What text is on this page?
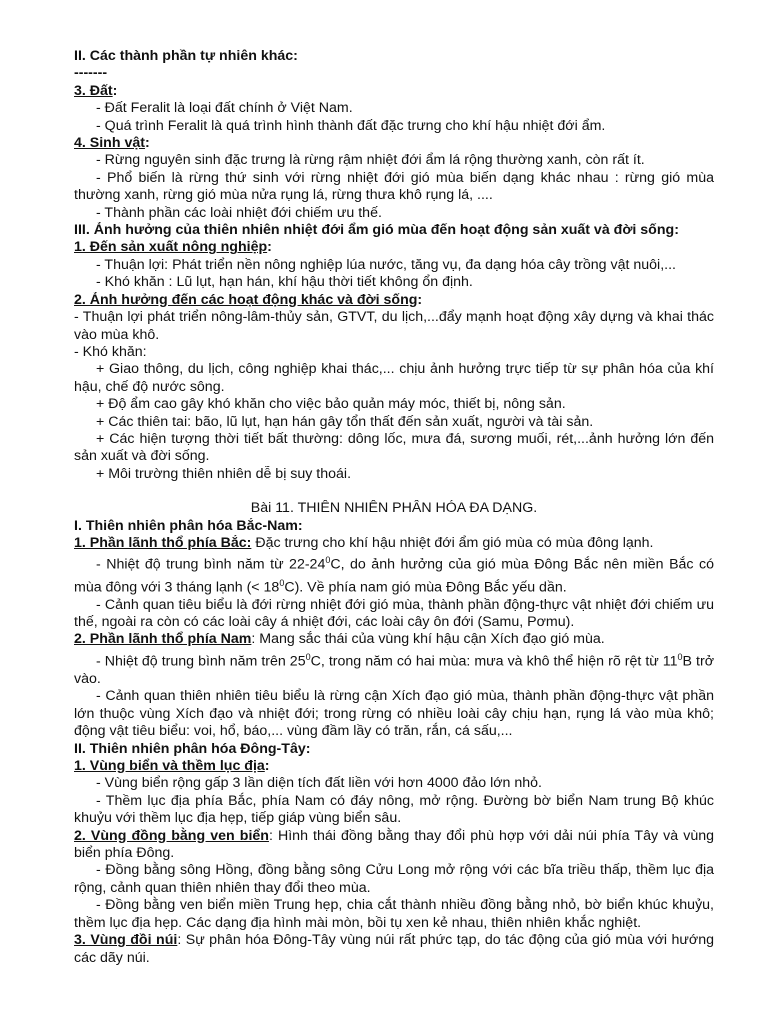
II. Các thành phần tự nhiên khác:
-------
3. Đất:
- Đất Feralit là loại đất chính ở Việt Nam.
- Quá trình Feralit là quá trình hình thành đất đặc trưng cho khí hậu nhiệt đới ẩm.
4. Sinh vật:
- Rừng nguyên sinh đặc trưng là rừng rậm nhiệt đới ẩm lá rộng thường xanh, còn rất ít.
- Phổ biến là rừng thứ sinh với rừng nhiệt đới gió mùa biến dạng khác nhau : rừng gió mùa thường xanh, rừng gió mùa nửa rụng lá, rừng thưa khô rụng lá, ....
- Thành phần các loài nhiệt đới chiếm ưu thế.
III. Ảnh hưởng của thiên nhiên nhiệt đới ẩm gió mùa đến hoạt động sản xuất và đời sống:
1. Đến sản xuất nông nghiệp:
- Thuận lợi: Phát triển nền nông nghiệp lúa nước, tăng vụ, đa dạng hóa cây trồng vật nuôi,...
- Khó khăn : Lũ lụt, hạn hán, khí hậu thời tiết không ổn định.
2. Ảnh hưởng đến các hoạt động khác và đời sống:
- Thuận lợi phát triển nông-lâm-thủy sản, GTVT, du lịch,...đẩy mạnh hoạt động xây dựng và khai thác vào mùa khô.
- Khó khăn:
+ Giao thông, du lịch, công nghiệp khai thác,... chịu ảnh hưởng trực tiếp từ sự phân hóa của khí hậu, chế độ nước sông.
+ Độ ẩm cao gây khó khăn cho việc bảo quản máy móc, thiết bị, nông sản.
+ Các thiên tai: bão, lũ lụt, hạn hán gây tổn thất đến sản xuất, người và tài sản.
+ Các hiện tượng thời tiết bất thường: dông lốc, mưa đá, sương muối, rét,...ảnh hưởng lớn đến sản xuất và đời sống.
+ Môi trường thiên nhiên dễ bị suy thoái.
Bài 11. THIÊN NHIÊN PHÂN HÓA ĐA DẠNG.
I. Thiên nhiên phân hóa Bắc-Nam:
1. Phần lãnh thổ phía Bắc: Đặc trưng cho khí hậu nhiệt đới ẩm gió mùa có mùa đông lạnh.
- Nhiệt độ trung bình năm từ $22-24^0C$, do ảnh hưởng của gió mùa Đông Bắc nên miền Bắc có mùa đông với 3 tháng lạnh (< $18^0C$). Về phía nam gió mùa Đông Bắc yếu dần.
- Cảnh quan tiêu biểu là đới rừng nhiệt đới gió mùa, thành phần động-thực vật nhiệt đới chiếm ưu thế, ngoài ra còn có các loài cây á nhiệt đới, các loài cây ôn đới (Samu, Pơmu).
2. Phần lãnh thổ phía Nam: Mang sắc thái của vùng khí hậu cận Xích đạo gió mùa.
- Nhiệt độ trung bình năm trên $25^0C$, trong năm có hai mùa: mưa và khô thể hiện rõ rệt từ $11^0B$ trở vào.
- Cảnh quan thiên nhiên tiêu biểu là rừng cận Xích đạo gió mùa, thành phần động-thực vật phần lớn thuộc vùng Xích đạo và nhiệt đới; trong rừng có nhiều loài cây chịu hạn, rụng lá vào mùa khô; động vật tiêu biểu: voi, hổ, báo,... vùng đầm lầy có trăn, rắn, cá sấu,...
II. Thiên nhiên phân hóa Đông-Tây:
1. Vùng biển và thềm lục địa:
- Vùng biển rộng gấp 3 lần diện tích đất liền với hơn 4000 đảo lớn nhỏ.
- Thềm lục địa phía Bắc, phía Nam có đáy nông, mở rộng. Đường bờ biển Nam trung Bộ khúc khuỷu với thềm lục địa hẹp, tiếp giáp vùng biển sâu.
2. Vùng đồng bằng ven biển: Hình thái đồng bằng thay đổi phù hợp với dải núi phía Tây và vùng biển phía Đông.
- Đồng bằng sông Hồng, đồng bằng sông Cửu Long mở rộng với các bĩa triều thấp, thềm lục địa rộng, cảnh quan thiên nhiên thay đổi theo mùa.
- Đồng bằng ven biển miền Trung hẹp, chia cắt thành nhiều đồng bằng nhỏ, bờ biển khúc khuỷu, thềm lục địa hẹp. Các dạng địa hình mài mòn, bồi tụ xen kẻ nhau, thiên nhiên khắc nghiệt.
3. Vùng đồi núi: Sự phân hóa Đông-Tây vùng núi rất phức tạp, do tác động của gió mùa với hướng các dãy núi.
